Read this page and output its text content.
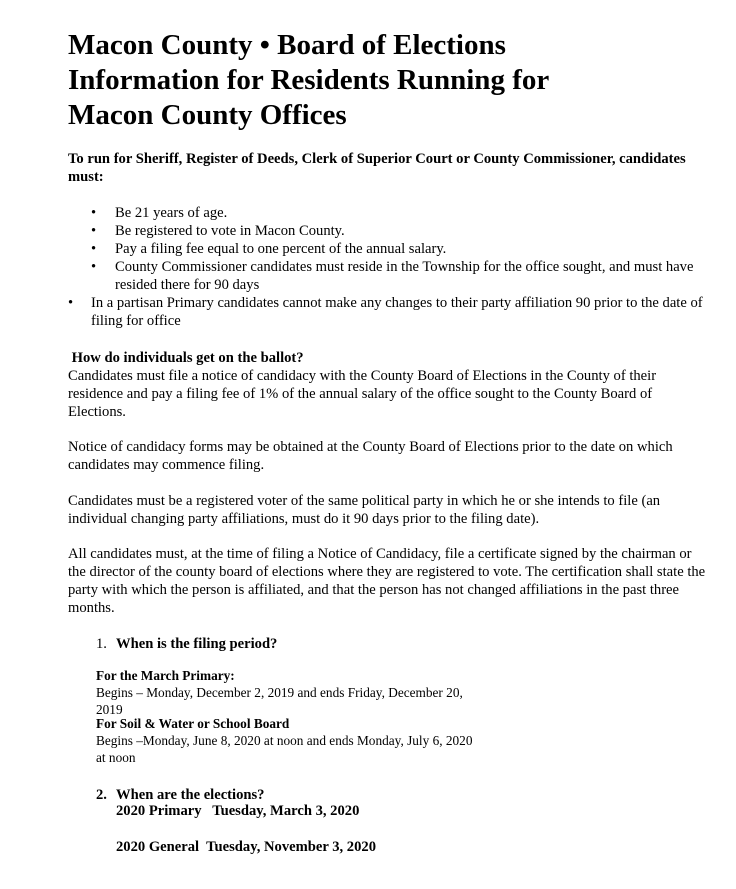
Macon County • Board of Elections
Information for Residents Running for
Macon County Offices

To run for Sheriff, Register of Deeds, Clerk of Superior Court or County Commissioner, candidates must:

• Be 21 years of age.
• Be registered to vote in Macon County.
• Pay a filing fee equal to one percent of the annual salary.
• County Commissioner candidates must reside in the Township for the office sought, and must have resided there for 90 days
• In a partisan Primary candidates cannot make any changes to their party affiliation 90 prior to the date of filing for office

How do individuals get on the ballot?

Candidates must file a notice of candidacy with the County Board of Elections in the County of their residence and pay a filing fee of 1% of the annual salary of the office sought to the County Board of Elections.

Notice of candidacy forms may be obtained at the County Board of Elections prior to the date on which candidates may commence filing.

Candidates must be a registered voter of the same political party in which he or she intends to file (an individual changing party affiliations, must do it 90 days prior to the filing date).

All candidates must, at the time of filing a Notice of Candidacy, file a certificate signed by the chairman or the director of the county board of elections where they are registered to vote. The certification shall state the party with which the person is affiliated, and that the person has not changed affiliations in the past three months.

1. When is the filing period?
For the March Primary:
Begins – Monday, December 2, 2019 and ends Friday, December 20, 2019
For Soil & Water or School Board
Begins –Monday, June 8, 2020 at noon and ends Monday, July 6, 2020 at noon
2. When are the elections?
2020 Primary   Tuesday, March 3, 2020
2020 General  Tuesday, November 3, 2020
